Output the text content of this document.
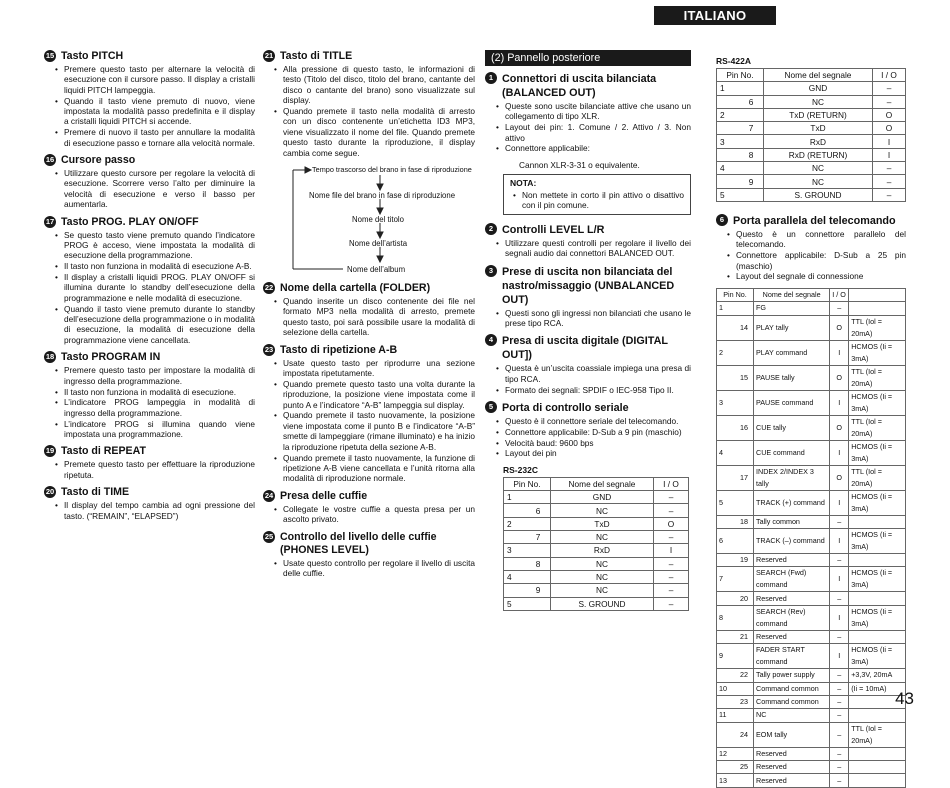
ITALIANO
15 Tasto PITCH
• Premere questo tasto per alternare la velocità di esecuzione con il cursore passo. Il display a cristalli liquidi PITCH lampeggia.
• Quando il tasto viene premuto di nuovo, viene impostata la modalità passo predefinita e il display a cristalli liquidi PITCH si accende.
• Premere di nuovo il tasto per annullare la modalità di esecuzione passo e tornare alla velocità normale.
16 Cursore passo
• Utilizzare questo cursore per regolare la velocità di esecuzione. Scorrere verso l’alto per diminuire la velocità di esecuzione e verso il basso per aumentarla.
17 Tasto PROG. PLAY ON/OFF
• Se questo tasto viene premuto quando l’indicatore PROG è acceso, viene impostata la modalità di esecuzione della programmazione.
• Il tasto non funziona in modalità di esecuzione A-B.
• Il display a cristalli liquidi PROG. PLAY ON/OFF si illumina durante lo standby dell’esecuzione della programmazione e nelle modalità di esecuzione.
• Quando il tasto viene premuto durante lo standby dell’esecuzione della programmazione o in modalità di esecuzione, la modalità di esecuzione della programmazione viene cancellata.
18 Tasto PROGRAM IN
• Premere questo tasto per impostare la modalità di ingresso della programmazione.
• Il tasto non funziona in modalità di esecuzione.
• L’indicatore PROG lampeggia in modalità di ingresso della programmazione.
• L’indicatore PROG si illumina quando viene impostata una programmazione.
19 Tasto di REPEAT
• Premete questo tasto per effettuare la riproduzione ripetuta.
20 Tasto di TIME
• Il display del tempo cambia ad ogni pressione del tasto. (“REMAIN”, “ELAPSED”)
21 Tasto di TITLE
• Alla pressione di questo tasto, le informazioni di testo (Titolo del disco, titolo del brano, cantante del disco o cantante del brano) sono visualizzate sul display.
• Quando premete il tasto nella modalità di arresto con un disco contenente un’etichetta ID3 MP3, viene visualizzato il nome del file. Quando premete questo tasto durante la riproduzione, il display cambia come segue.
Tempo trascorso del brano in fase di riproduzione
Nome file del brano in fase di riproduzione
Nome del titolo
Nome dell’artista
Nome dell’album
22 Nome della cartella (FOLDER)
• Quando inserite un disco contenente dei file nel formato MP3 nella modalità di arresto, premete questo tasto, poi sarà possibile usare la modalità di selezione della cartella.
23 Tasto di ripetizione A-B
• Usate questo tasto per riprodurre una sezione impostata ripetutamente.
• Quando premete questo tasto una volta durante la riproduzione, la posizione viene impostata come il punto A e l’indicatore “A-B” lampeggia sul display.
• Quando premete il tasto nuovamente, la posizione viene impostata come il punto B e l’indicatore “A-B” smette di lampeggiare (rimane illuminato) e ha inizio la riproduzione ripetuta della sezione A-B.
• Quando premete il tasto nuovamente, la funzione di ripetizione A-B viene cancellata e l’unità ritorna alla modalità di riproduzione normale.
24 Presa delle cuffie
• Collegate le vostre cuffie a questa presa per un ascolto privato.
25 Controllo del livello delle cuffie (PHONES LEVEL)
• Usate questo controllo per regolare il livello di uscita delle cuffie.
(2) Pannello posteriore
1 Connettori di uscita bilanciata (BALANCED OUT)
• Queste sono uscite bilanciate attive che usano un collegamento di tipo XLR.
• Layout dei pin: 1. Comune / 2. Attivo / 3. Non attivo
• Connettore applicabile:
Cannon XLR-3-31 o equivalente.
NOTA:
• Non mettete in corto il pin attivo o disattivo con il pin comune.
2 Controlli LEVEL L/R
• Utilizzare questi controlli per regolare il livello dei segnali audio dai connettori BALANCED OUT.
3 Prese di uscita non bilanciata del nastro/missaggio (UNBALANCED OUT)
• Questi sono gli ingressi non bilanciati che usano le prese tipo RCA.
4 Presa di uscita digitale (DIGITAL OUT])
• Questa è un’uscita coassiale impiega una presa di tipo RCA.
• Formato dei segnali: SPDIF o IEC-958 Tipo II.
5 Porta di controllo seriale
• Questo è il connettore seriale del telecomando.
• Connettore applicabile: D-Sub a 9 pin (maschio)
• Velocità baud: 9600 bps
• Layout dei pin
RS-232C
Pin No.		Nome del segnale	I / O
1		GND	–
	6	NC	–
2		TxD	O
	7	NC	–
3		RxD	I
	8	NC	–
4		NC	–
	9	NC	–
5		S. GROUND	–
RS-422A
Pin No.		Nome del segnale	I / O
1		GND	–
	6	NC	–
2		TxD (RETURN)	O
	7	TxD	O
3		RxD	I
	8	RxD (RETURN)	I
4		NC	–
	9	NC	–
5		S. GROUND	–
6 Porta parallela del telecomando
• Questo è un connettore parallelo del telecomando.
• Connettore applicabile: D-Sub a 25 pin (maschio)
• Layout del segnale di connessione
Pin No.		Nome del segnale	I / O	
1		FG	–	
	14	PLAY tally	O	TTL (Iol = 20mA)
2		PLAY command	I	HCMOS (Ii = 3mA)
	15	PAUSE tally	O	TTL (Iol = 20mA)
3		PAUSE command	I	HCMOS (Ii = 3mA)
	16	CUE tally	O	TTL (Iol = 20mA)
4		CUE command	I	HCMOS (Ii = 3mA)
	17	INDEX 2/INDEX 3 tally	O	TTL (Iol = 20mA)
5		TRACK (+) command	I	HCMOS (Ii = 3mA)
	18	Tally common	–	
6		TRACK (–) command	I	HCMOS (Ii = 3mA)
	19	Reserved	–	
7		SEARCH (Fwd) command	I	HCMOS (Ii = 3mA)
	20	Reserved	–	
8		SEARCH (Rev) command	I	HCMOS (Ii = 3mA)
	21	Reserved	–	
9		FADER START command	I	HCMOS (Ii = 3mA)
	22	Tally power supply	–	+3,3V, 20mA
10		Command common	–	(Ii = 10mA)
	23	Command common	–	
11		NC	–	
	24	EOM tally	–	TTL (Iol = 20mA)
12		Reserved	–	
	25	Reserved	–	
13		Reserved	–	
43
